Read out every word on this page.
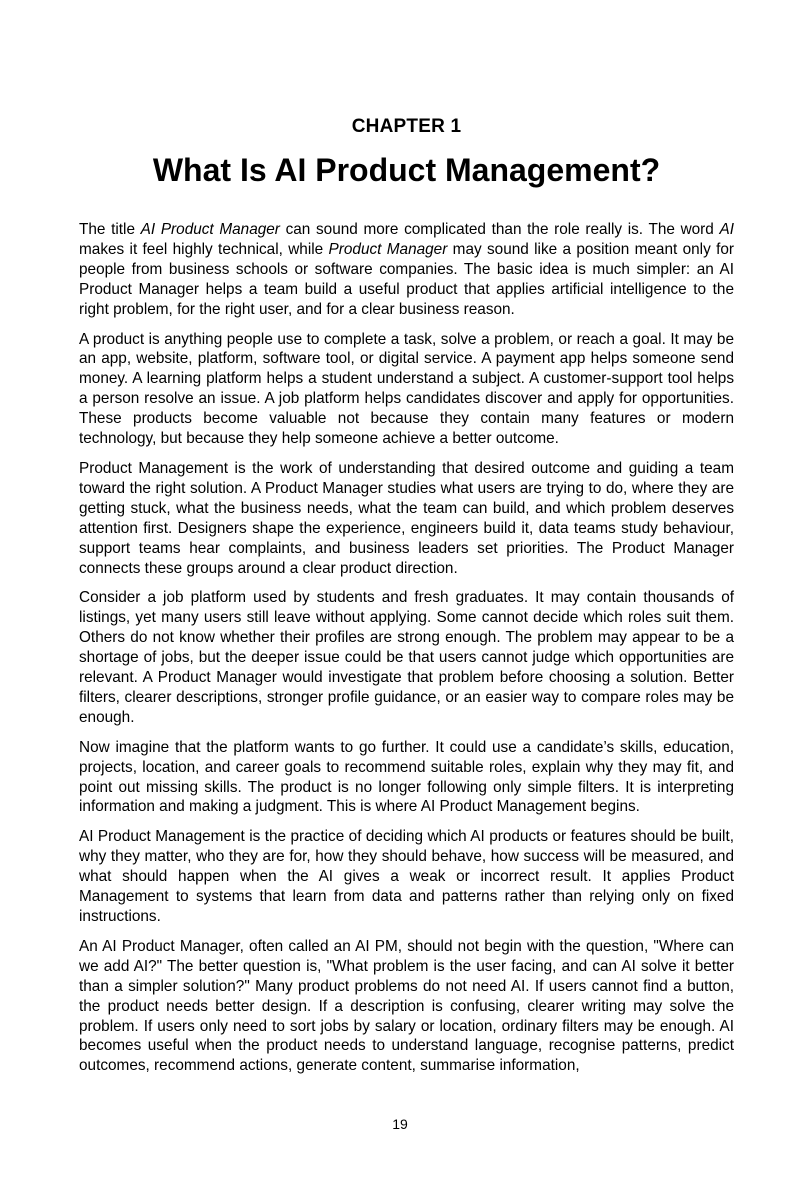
CHAPTER 1
What Is AI Product Management?

The title AI Product Manager can sound more complicated than the role really is. The word AI makes it feel highly technical, while Product Manager may sound like a position meant only for people from business schools or software companies. The basic idea is much simpler: an AI Product Manager helps a team build a useful product that applies artificial intelligence to the right problem, for the right user, and for a clear business reason.

A product is anything people use to complete a task, solve a problem, or reach a goal. It may be an app, website, platform, software tool, or digital service. A payment app helps someone send money. A learning platform helps a student understand a subject. A customer-support tool helps a person resolve an issue. A job platform helps candidates discover and apply for opportunities. These products become valuable not because they contain many features or modern technology, but because they help someone achieve a better outcome.

Product Management is the work of understanding that desired outcome and guiding a team toward the right solution. A Product Manager studies what users are trying to do, where they are getting stuck, what the business needs, what the team can build, and which problem deserves attention first. Designers shape the experience, engineers build it, data teams study behaviour, support teams hear complaints, and business leaders set priorities. The Product Manager connects these groups around a clear product direction.

Consider a job platform used by students and fresh graduates. It may contain thousands of listings, yet many users still leave without applying. Some cannot decide which roles suit them. Others do not know whether their profiles are strong enough. The problem may appear to be a shortage of jobs, but the deeper issue could be that users cannot judge which opportunities are relevant. A Product Manager would investigate that problem before choosing a solution. Better filters, clearer descriptions, stronger profile guidance, or an easier way to compare roles may be enough.

Now imagine that the platform wants to go further. It could use a candidate’s skills, education, projects, location, and career goals to recommend suitable roles, explain why they may fit, and point out missing skills. The product is no longer following only simple filters. It is interpreting information and making a judgment. This is where AI Product Management begins.

AI Product Management is the practice of deciding which AI products or features should be built, why they matter, who they are for, how they should behave, how success will be measured, and what should happen when the AI gives a weak or incorrect result. It applies Product Management to systems that learn from data and patterns rather than relying only on fixed instructions.

An AI Product Manager, often called an AI PM, should not begin with the question, "Where can we add AI?" The better question is, "What problem is the user facing, and can AI solve it better than a simpler solution?" Many product problems do not need AI. If users cannot find a button, the product needs better design. If a description is confusing, clearer writing may solve the problem. If users only need to sort jobs by salary or location, ordinary filters may be enough. AI becomes useful when the product needs to understand language, recognise patterns, predict outcomes, recommend actions, generate content, summarise information,

19
